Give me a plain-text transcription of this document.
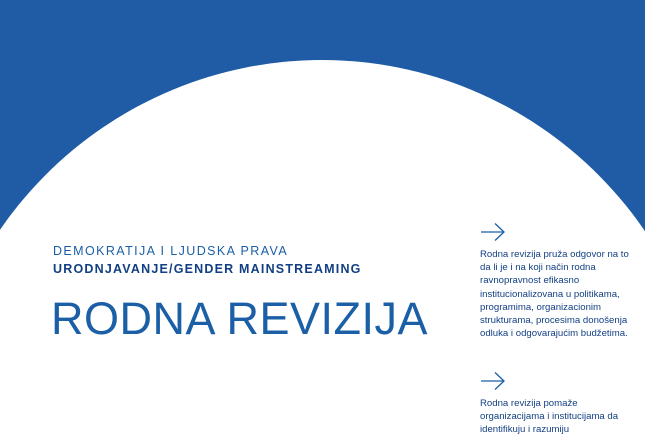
DEMOKRATIJA I LJUDSKA PRAVA
URODNJAVANJE/GENDER MAINSTREAMING
RODNA REVIZIJA
Rodna revizija pruža odgovor na to da li je i na koji način rodna ravnopravnost efikasno institucionalizovana u politikama, programima, organizacionim strukturama, procesima donošenja odluka i odgovarajućim budžetima.
Rodna revizija pomaže organizacijama i institucijama da identifikuju i razumiju
